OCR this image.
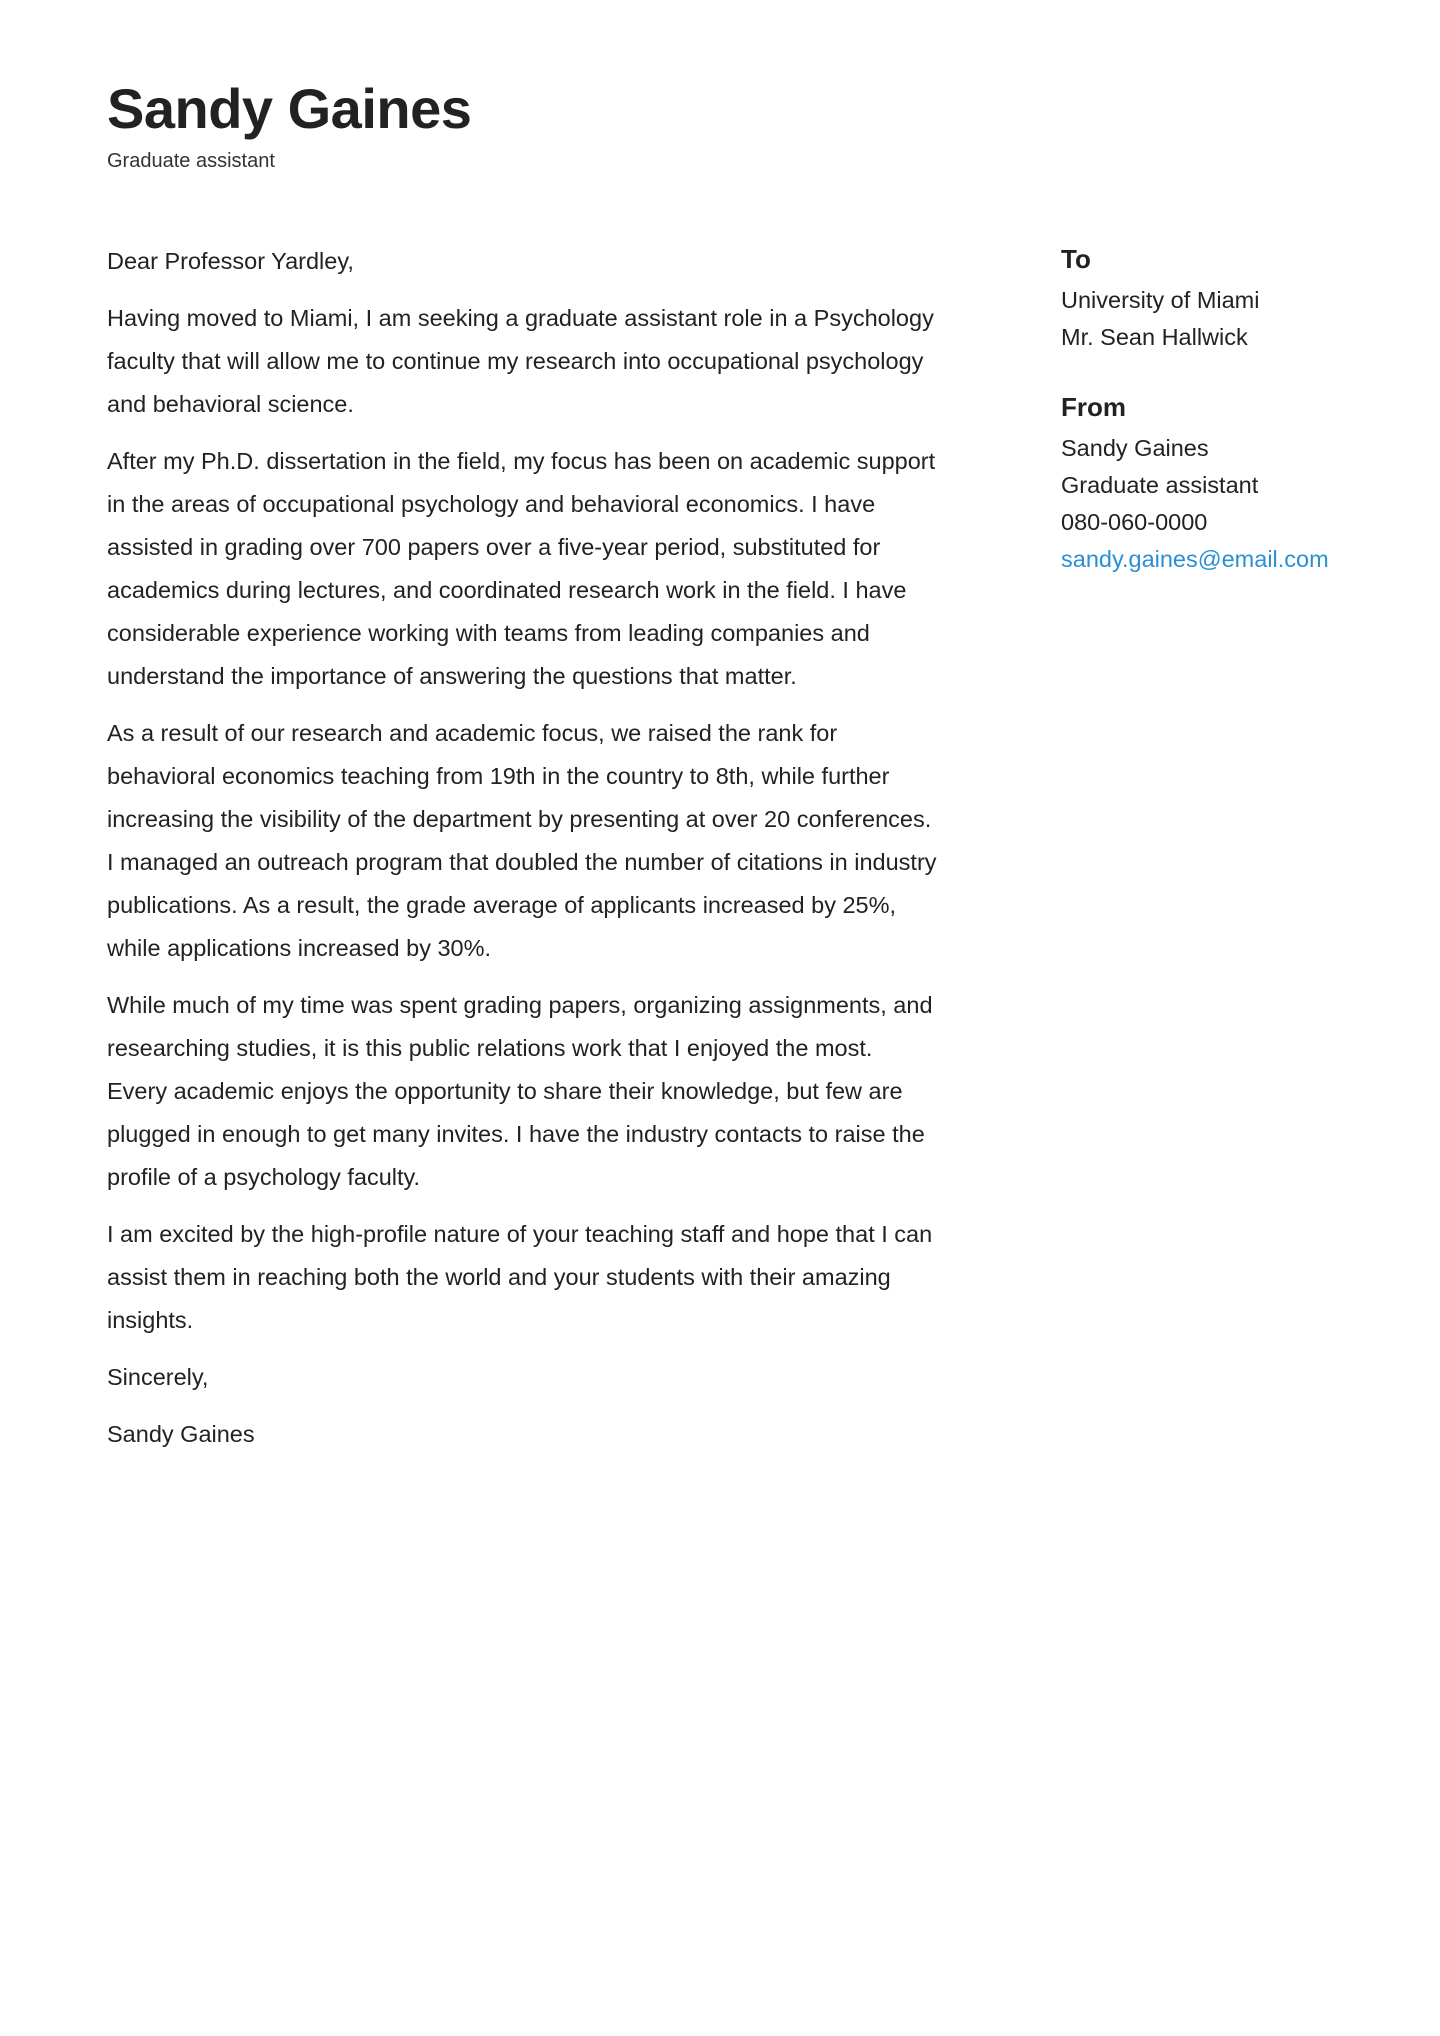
Sandy Gaines
Graduate assistant

Dear Professor Yardley,

Having moved to Miami, I am seeking a graduate assistant role in a Psychology faculty that will allow me to continue my research into occupational psychology and behavioral science.

After my Ph.D. dissertation in the field, my focus has been on academic support in the areas of occupational psychology and behavioral economics. I have assisted in grading over 700 papers over a five-year period, substituted for academics during lectures, and coordinated research work in the field. I have considerable experience working with teams from leading companies and understand the importance of answering the questions that matter.

As a result of our research and academic focus, we raised the rank for behavioral economics teaching from 19th in the country to 8th, while further increasing the visibility of the department by presenting at over 20 conferences. I managed an outreach program that doubled the number of citations in industry publications. As a result, the grade average of applicants increased by 25%, while applications increased by 30%.

While much of my time was spent grading papers, organizing assignments, and researching studies, it is this public relations work that I enjoyed the most. Every academic enjoys the opportunity to share their knowledge, but few are plugged in enough to get many invites. I have the industry contacts to raise the profile of a psychology faculty.

I am excited by the high-profile nature of your teaching staff and hope that I can assist them in reaching both the world and your students with their amazing insights.

Sincerely,

Sandy Gaines

To
University of Miami
Mr. Sean Hallwick
From
Sandy Gaines
Graduate assistant
080-060-0000
sandy.gaines@email.com
